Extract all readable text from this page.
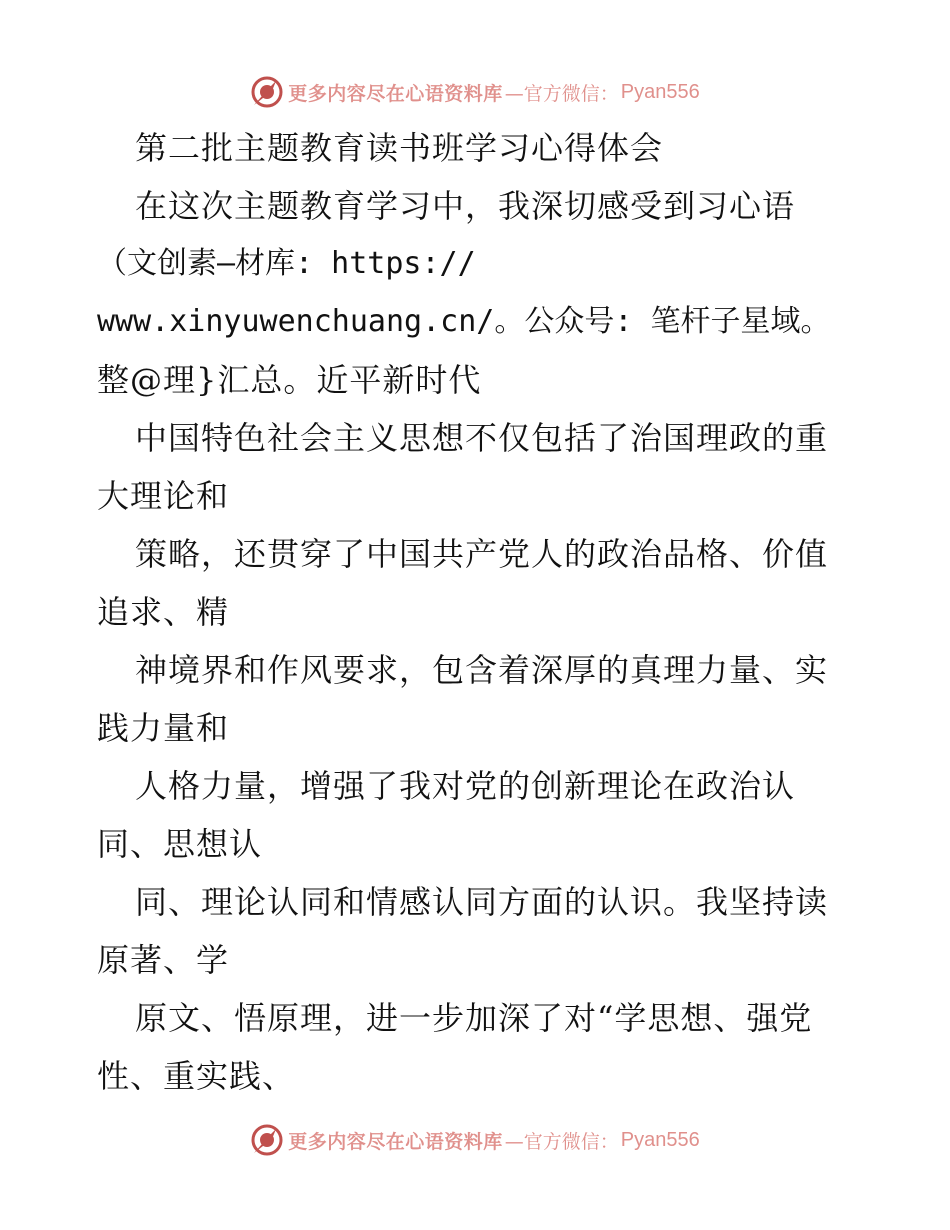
更多内容尽在心语资料库 —官方微信： Pyan556
第二批主题教育读书班学习心得体会
在这次主题教育学习中，我深切感受到习心语
（文创素—材库: https://
www.xinyuwenchuang.cn/。公众号: 笔杆子星域。
整@理}汇总。近平新时代
中国特色社会主义思想不仅包括了治国理政的重
大理论和
策略，还贯穿了中国共产党人的政治品格、价值
追求、精
神境界和作风要求，包含着深厚的真理力量、实
践力量和
人格力量，增强了我对党的创新理论在政治认
同、思想认
同、理论认同和情感认同方面的认识。我坚持读
原著、学
原文、悟原理，进一步加深了对“学思想、强党
性、重实践、
更多内容尽在心语资料库 —官方微信： Pyan556
